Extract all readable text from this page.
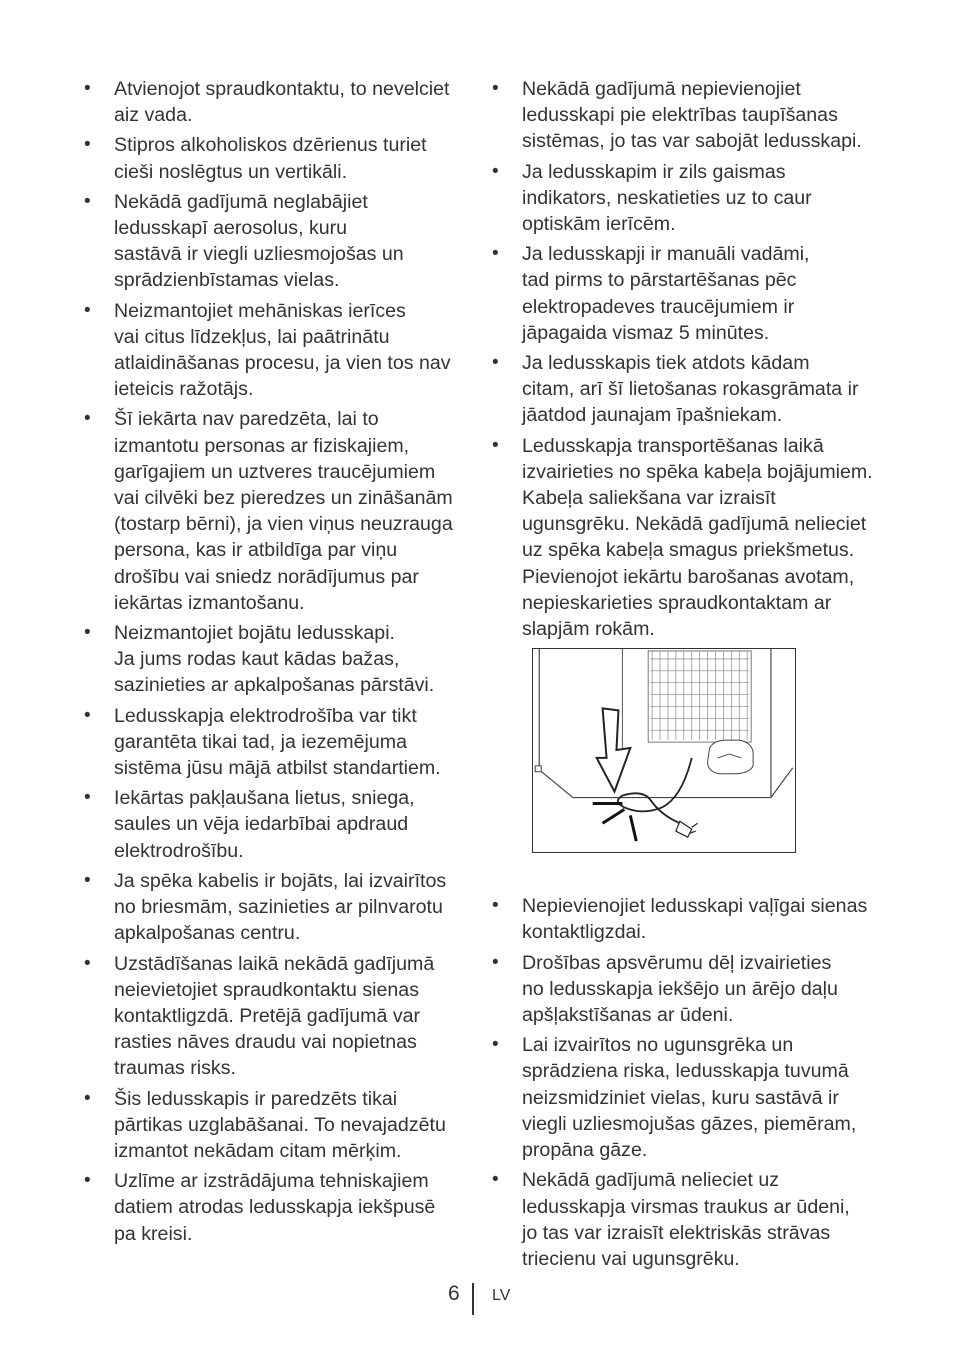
• Atvienojot spraudkontaktu, to nevelciet
aiz vada.
• Stipros alkoholiskos dzērienus turiet
cieši noslēgtus un vertikāli.
• Nekādā gadījumā neglabājiet
ledusskapī aerosolus, kuru
sastāvā ir viegli uzliesmojošas un
sprādzienbīstamas vielas.
• Neizmantojiet mehāniskas ierīces
vai citus līdzekļus, lai paātrinātu
atlaidināšanas procesu, ja vien tos nav
ieteicis ražotājs.
• Šī iekārta nav paredzēta, lai to
izmantotu personas ar fiziskajiem,
garīgajiem un uztveres traucējumiem
vai cilvēki bez pieredzes un zināšanām
(tostarp bērni), ja vien viņus neuzrauga
persona, kas ir atbildīga par viņu
drošību vai sniedz norādījumus par
iekārtas izmantošanu.
• Neizmantojiet bojātu ledusskapi.
Ja jums rodas kaut kādas bažas,
sazinieties ar apkalpošanas pārstāvi.
• Ledusskapja elektrodrošība var tikt
garantēta tikai tad, ja iezemējuma
sistēma jūsu mājā atbilst standartiem.
• Iekārtas pakļaušana lietus, sniega,
saules un vēja iedarbībai apdraud
elektrodrošību.
• Ja spēka kabelis ir bojāts, lai izvairītos
no briesmām, sazinieties ar pilnvarotu
apkalpošanas centru.
• Uzstādīšanas laikā nekādā gadījumā
neievietojiet spraudkontaktu sienas
kontaktligzdā. Pretējā gadījumā var
rasties nāves draudu vai nopietnas
traumas risks.
• Šis ledusskapis ir paredzēts tikai
pārtikas uzglabāšanai. To nevajadzētu
izmantot nekādam citam mērķim.
• Uzlīme ar izstrādājuma tehniskajiem
datiem atrodas ledusskapja iekšpusē
pa kreisi.
• Nekādā gadījumā nepievienojiet
ledusskapi pie elektrības taupīšanas
sistēmas, jo tas var sabojāt ledusskapi.
• Ja ledusskapim ir zils gaismas
indikators, neskatieties uz to caur
optiskām ierīcēm.
• Ja ledusskapji ir manuāli vadāmi,
tad pirms to pārstartēšanas pēc
elektropadeves traucējumiem ir
jāpagaida vismaz 5 minūtes.
• Ja ledusskapis tiek atdots kādam
citam, arī šī lietošanas rokasgrāmata ir
jāatdod jaunajam īpašniekam.
• Ledusskapja transportēšanas laikā
izvairieties no spēka kabeļa bojājumiem.
Kabeļa saliekšana var izraisīt
ugunsgrēku. Nekādā gadījumā nelieciet
uz spēka kabeļa smagus priekšmetus.
Pievienojot iekārtu barošanas avotam,
nepieskarieties spraudkontaktam ar
slapjām rokām.
• Nepievienojiet ledusskapi vaļīgai sienas
kontaktligzdai.
• Drošības apsvērumu dēļ izvairieties
no ledusskapja iekšējo un ārējo daļu
apšļakstīšanas ar ūdeni.
• Lai izvairītos no ugunsgrēka un
sprādziena riska, ledusskapja tuvumā
neizsmidziniet vielas, kuru sastāvā ir
viegli uzliesmojušas gāzes, piemēram,
propāna gāze.
• Nekādā gadījumā nelieciet uz
ledusskapja virsmas traukus ar ūdeni,
jo tas var izraisīt elektriskās strāvas
triecienu vai ugunsgrēku.
6 LV
